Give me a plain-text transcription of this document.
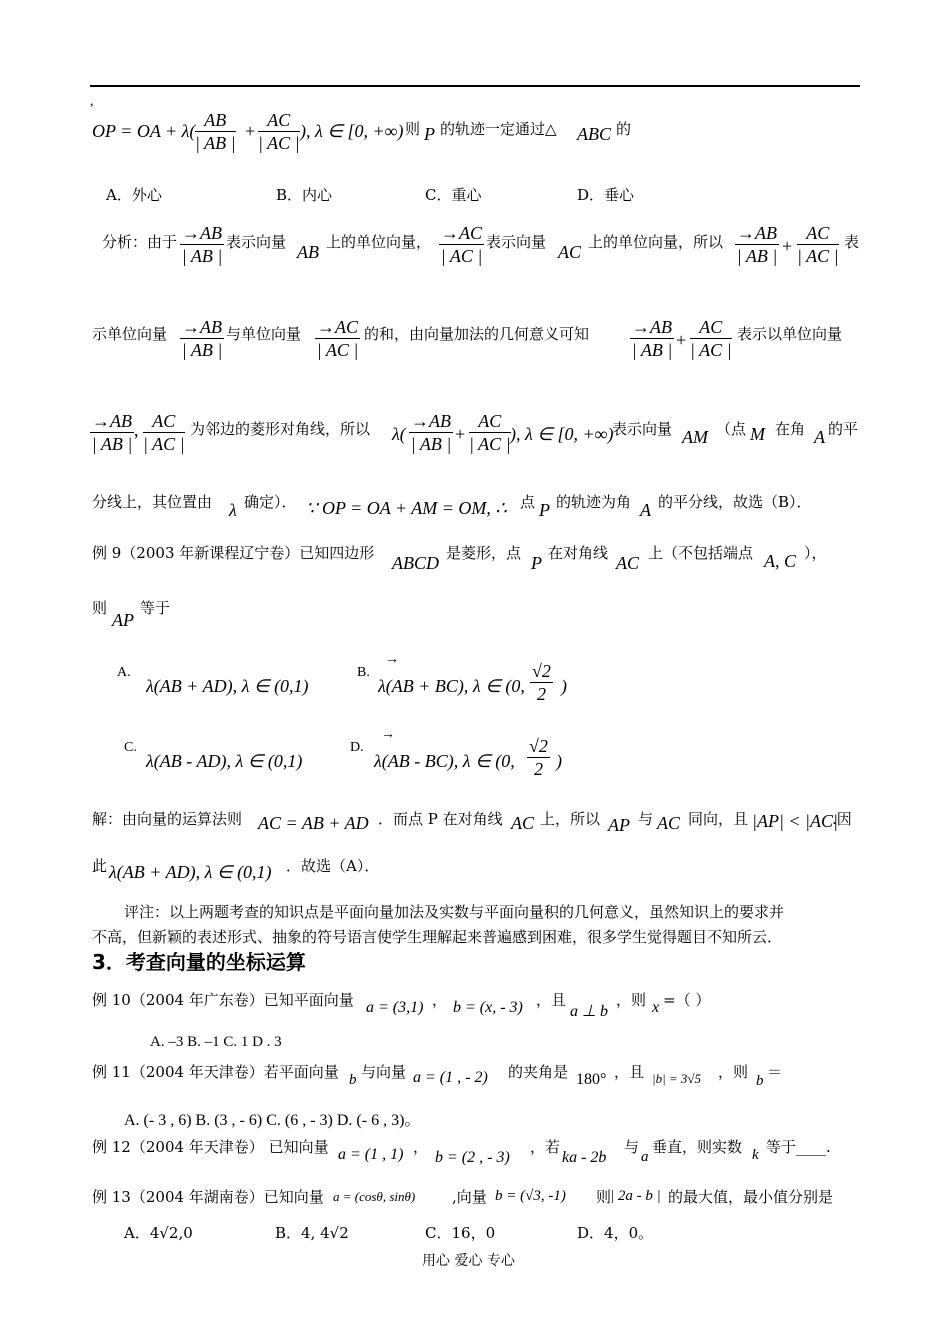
,
OP = OA + $\lambda( \frac{AB}{| AB |} + \frac{AC}{| AC |}$ ), λ ∈ [0, +∞) 则 P 的轨迹一定通过△ ABC 的
A．外心	B．内心	C．重心	D．垂心
分析：由于 $\frac{\to AB}{| AB |}$ 表示向量 AB 上的单位向量， $\frac{\to AC}{| AC |}$ 表示向量 AC 上的单位向量，所以 $\frac{\to AB}{| AB |} + \frac{AC}{| AC |}$ 表
示单位向量 $\frac{\to AB}{| AB |}$ 与单位向量 $\frac{\to AC}{| AC |}$ 的和，由向量加法的几何意义可知 $\frac{\to AB}{| AB |} + \frac{AC}{| AC |}$ 表示以单位向量
$\frac{\to AB}{| AB |}$ , $\frac{AC}{| AC |}$ 为邻边的菱形对角线，所以 $\lambda( \frac{\to AB}{| AB |} + \frac{AC}{| AC |}$ ), λ ∈ [0, +∞)
表示向量 AM （点 M 在角 A 的平
分线上，其位置由 λ 确定）． ∵ OP = OA + AM = OM, ∴ 点 P 的轨迹为角 A 的平分线，故选（B）．
例 9（2003 年新课程辽宁卷）已知四边形 ABCD 是菱形，点 P 在对角线 AC 上（不包括端点 A, C ），
则
AP
等于
A.
λ(AB + AD), λ ∈ (0,1)
B.
→
λ(AB + BC), λ ∈ (0, $\frac{√2}{2}$ )
C.
λ(AB - AD), λ ∈ (0,1)
D.
→
λ(AB - BC), λ ∈ (0, $\frac{√2}{2}$ )
解：由向量的运算法则 AC = AB + AD ．而点 P 在对角线 AC 上，所以 AP 与 AC 同向，且 |AP| < |AC|
.因
此 λ(AB + AD), λ ∈ (0,1) ．故选（A）．
评注：以上两题考查的知识点是平面向量加法及实数与平面向量积的几何意义，虽然知识上的要求并
不高，但新颖的表述形式、抽象的符号语言使学生理解起来普遍感到困难，很多学生觉得题目不知所云．
3．考查向量的坐标运算
例 10（2004 年广东卷）已知平面向量 a = (3,1) ， b = (x, - 3) ，且
a ⊥ b
，则 x =（ ）
A. –3 B. –1 C. 1 D . 3
例 11（2004 年天津卷）若平面向量 b 与向量 a = (1 , - 2) 的夹角是 180° ，且 |b| = 3√5 ，则 b ＝
A. (- 3 , 6) B. (3 , - 6) C. (6 , - 3) D. (- 6 , 3)。
例 12（2004 年天津卷） 已知向量 a = (1 , 1) ，
b = (2 , - 3)
，若
ka - 2b
与
a
垂直，则实数 k 等于____.
例 13（2004 年湖南卷）已知向量 a = (cosθ, sinθ) ,向量 b = (√3, -1) 则
| 2a - b | 的最大值，最小值分别是
A．4√2,0	B．4, 4√2	C．16，0	D．4，0。
用心 爱心 专心
